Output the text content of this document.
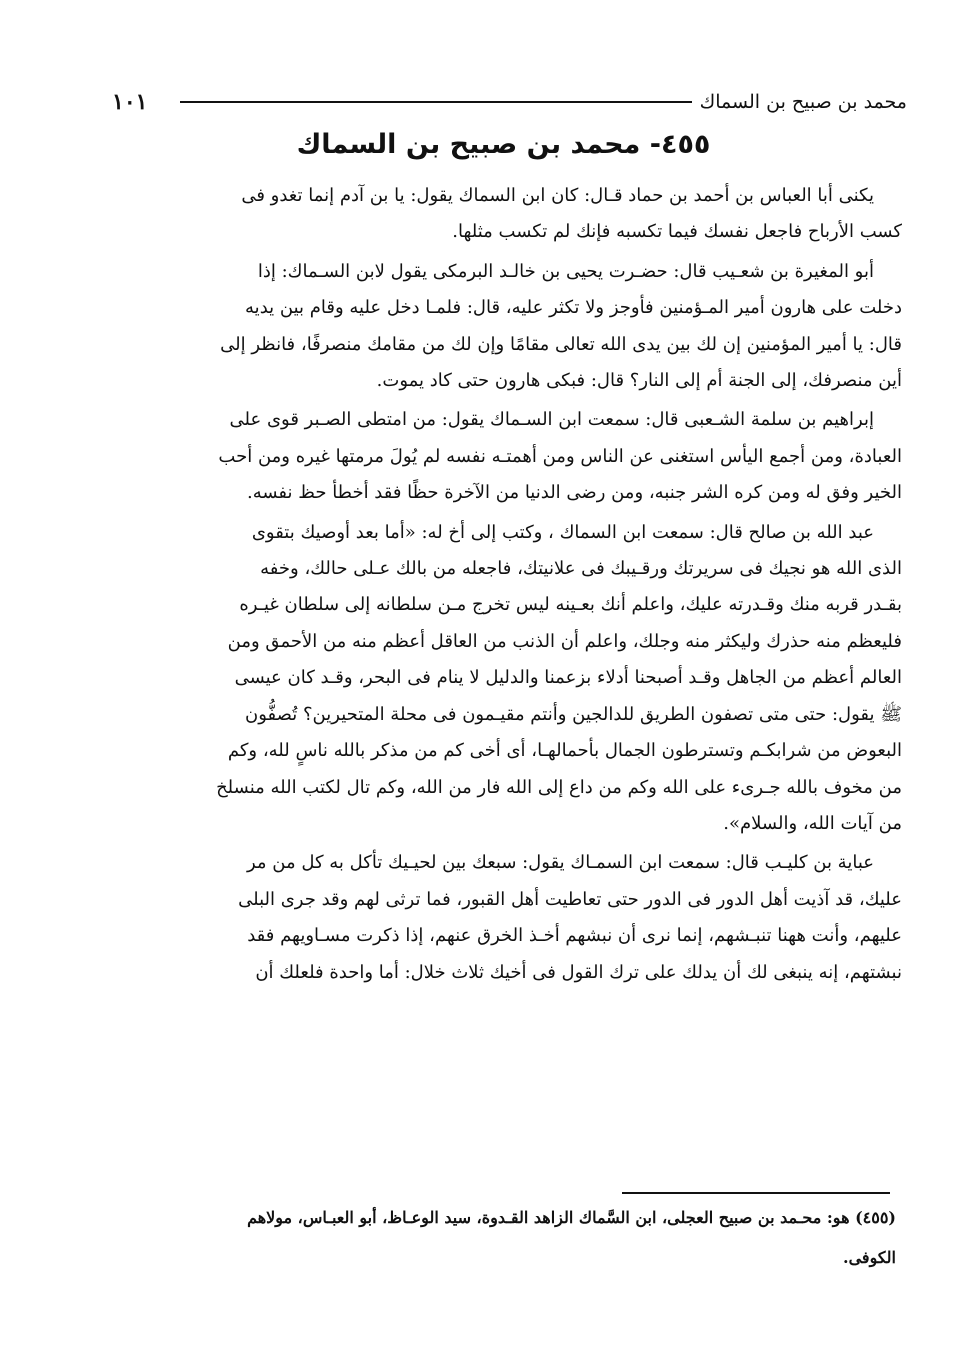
محمد بن صبيح بن السماك
١٠١
٤٥٥- محمد بن صبيح بن السماك

يكنى أبا العباس بن أحمد بن حماد قـال: كان ابن السماك يقول: يا بن آدم إنما تغدو فى

كسب الأرباح فاجعل نفسك فيما تكسبه فإنك لم تكسب مثلها.

أبو المغيرة بن شعـيب قال: حضـرت يحيى بن خالـد البرمكى يقول لابن السـماك: إذا

دخلت على هارون أمير المـؤمنين فأوجز ولا تكثر عليه، قال: فلمـا دخل عليه وقام بين يديه

قال: يا أمير المؤمنين إن لك بين يدى الله تعالى مقامًا وإن لك من مقامك منصرفًا، فانظر إلى

أين منصرفك، إلى الجنة أم إلى النار؟ قال: فبكى هارون حتى كاد يموت.

إبراهيم بن سلمة الشـعبى قال: سمعت ابن السـماك يقول: من امتطى الصـبر قوى على

العبادة، ومن أجمع اليأس استغنى عن الناس ومن أهمتـه نفسه لم يُولَ مرمتها غيره ومن أحب

الخير وفق له ومن كره الشر جنبه، ومن رضى الدنيا من الآخرة حظًا فقد أخطأ حظ نفسه.

عبد الله بن صالح قال: سمعت ابن السماك ، وكتب إلى أخ له: «أما بعد أوصيك بتقوى

الذى الله هو نجيك فى سريرتك ورقـيبك فى علانيتك، فاجعله من بالك عـلى حالك، وخفه

بقـدر قربه منك وقـدرته عليك، واعلم أنك بعـينه ليس تخرج مـن سلطانه إلى سلطان غيـره

فليعظم منه حذرك وليكثر منه وجلك، واعلم أن الذنب من العاقل أعظم منه من الأحمق ومن

العالم أعظم من الجاهل وقـد أصبحنا أدلاء بزعمنا والدليل لا ينام فى البحر، وقـد كان عيسى

ﷺ يقول: حتى متى تصفون الطريق للدالجين وأنتم مقيـمون فى محلة المتحيرين؟ تُصفُّون

البعوض من شرابكـم وتسترطون الجمال بأحمالهـا، أى أخى كم من مذكر بالله ناسٍ لله، وكم

من مخوف بالله جـرىء على الله وكم من داع إلى الله فار من الله، وكم تال لكتب الله منسلخ

من آيات الله، والسلام».

عباية بن كليـب قال: سمعت ابن السمـاك يقول: سبعك بين لحيـيك تأكل به كل من مر

عليك، قد آذيت أهل الدور فى الدور حتى تعاطيت أهل القبور، فما ترثى لهم وقد جرى البلى

عليهم، وأنت ههنا تنبـشهم، إنما نرى أن نبشهم أخـذ الخرق عنهم، إذا ذكرت مسـاويهم فقد

نبشتهم، إنه ينبغى لك أن يدلك على ترك القول فى أخيك ثلاث خلال: أما واحدة فلعلك أن

(٤٥٥) هو: محـمد بن صبيح العجلى، ابن السَّماك الزاهد القـدوة، سيد الوعـاظ، أبو العبـاس، مولاهم

الكوفى.
